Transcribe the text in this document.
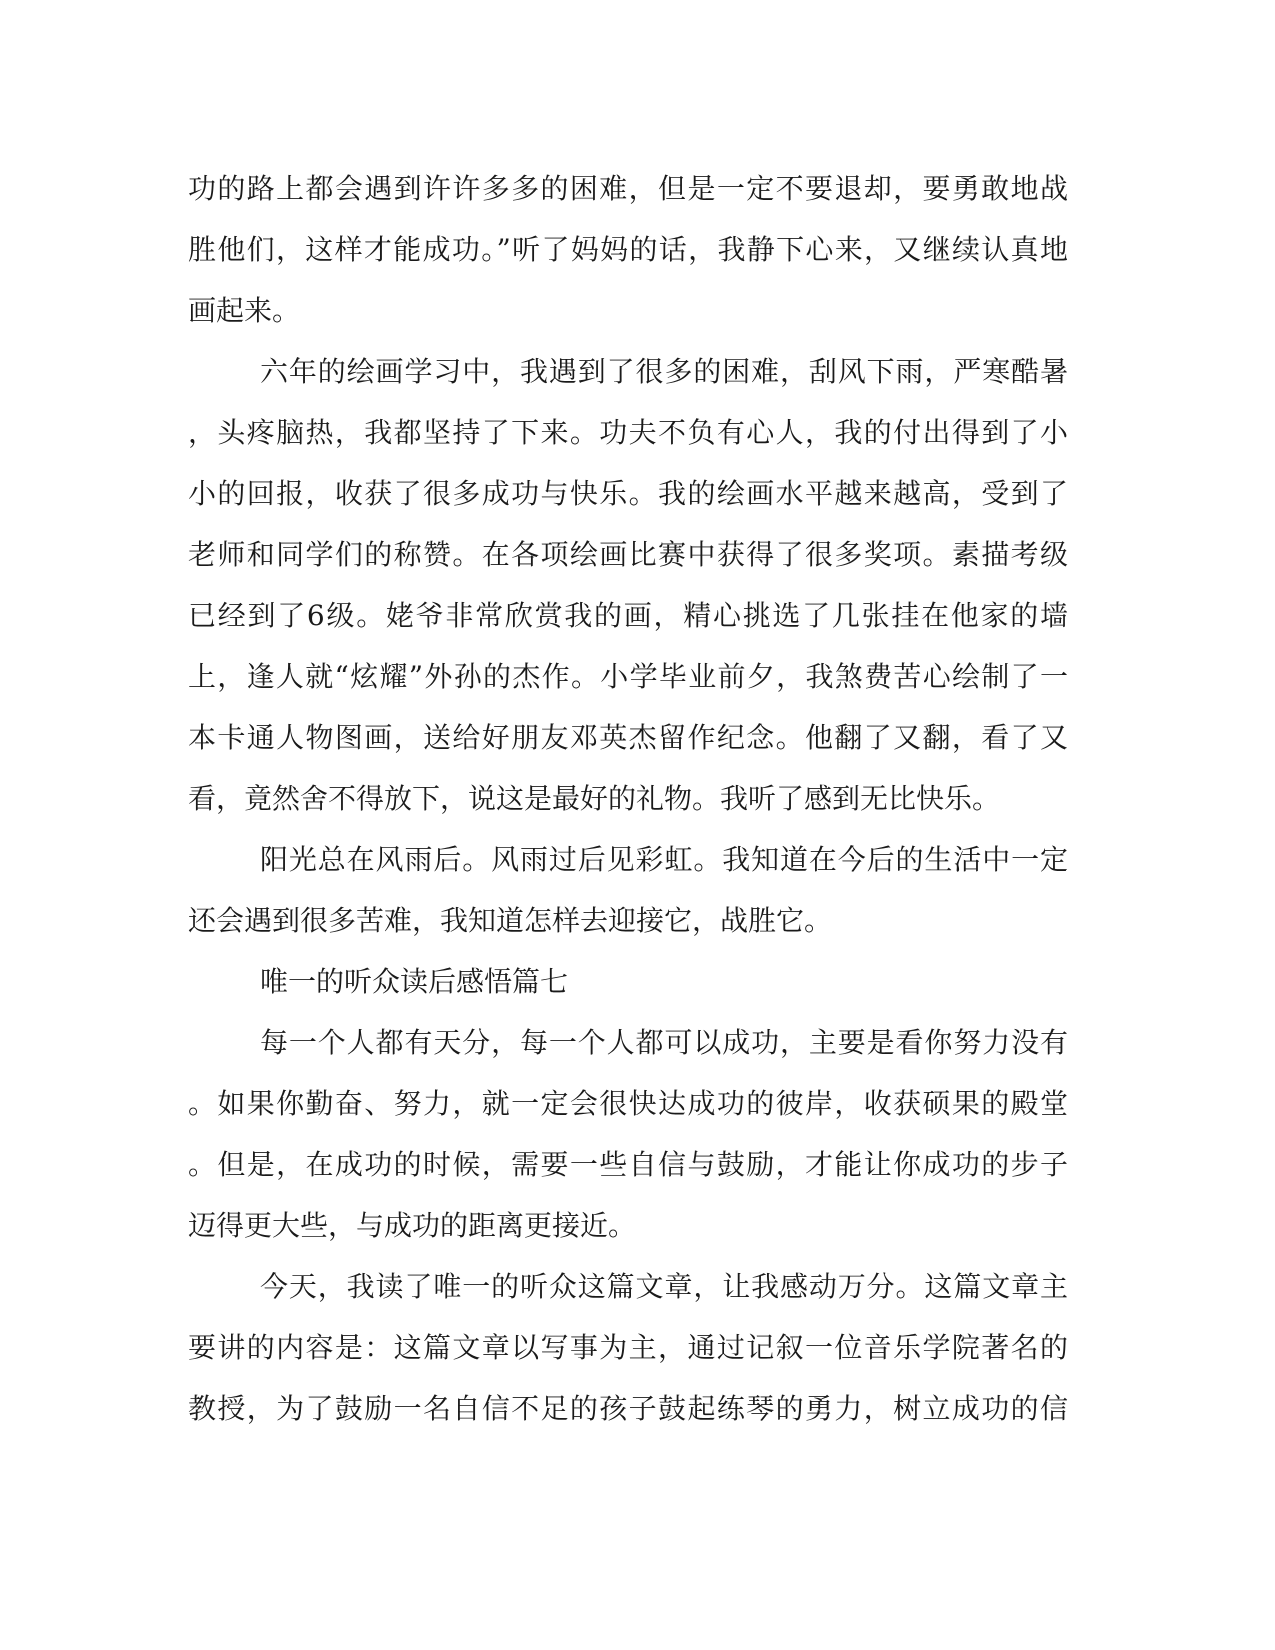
功的路上都会遇到许许多多的困难，但是一定不要退却，要勇敢地战
胜他们，这样才能成功。”听了妈妈的话，我静下心来，又继续认真地
画起来。
六年的绘画学习中，我遇到了很多的困难，刮风下雨，严寒酷暑
，头疼脑热，我都坚持了下来。功夫不负有心人，我的付出得到了小
小的回报，收获了很多成功与快乐。我的绘画水平越来越高，受到了
老师和同学们的称赞。在各项绘画比赛中获得了很多奖项。素描考级
已经到了6级。姥爷非常欣赏我的画，精心挑选了几张挂在他家的墙
上，逢人就“炫耀”外孙的杰作。小学毕业前夕，我煞费苦心绘制了一
本卡通人物图画，送给好朋友邓英杰留作纪念。他翻了又翻，看了又
看，竟然舍不得放下，说这是最好的礼物。我听了感到无比快乐。
阳光总在风雨后。风雨过后见彩虹。我知道在今后的生活中一定
还会遇到很多苦难，我知道怎样去迎接它，战胜它。
唯一的听众读后感悟篇七
每一个人都有天分，每一个人都可以成功，主要是看你努力没有
。如果你勤奋、努力，就一定会很快达成功的彼岸，收获硕果的殿堂
。但是，在成功的时候，需要一些自信与鼓励，才能让你成功的步子
迈得更大些，与成功的距离更接近。
今天，我读了唯一的听众这篇文章，让我感动万分。这篇文章主
要讲的内容是：这篇文章以写事为主，通过记叙一位音乐学院著名的
教授，为了鼓励一名自信不足的孩子鼓起练琴的勇力，树立成功的信
